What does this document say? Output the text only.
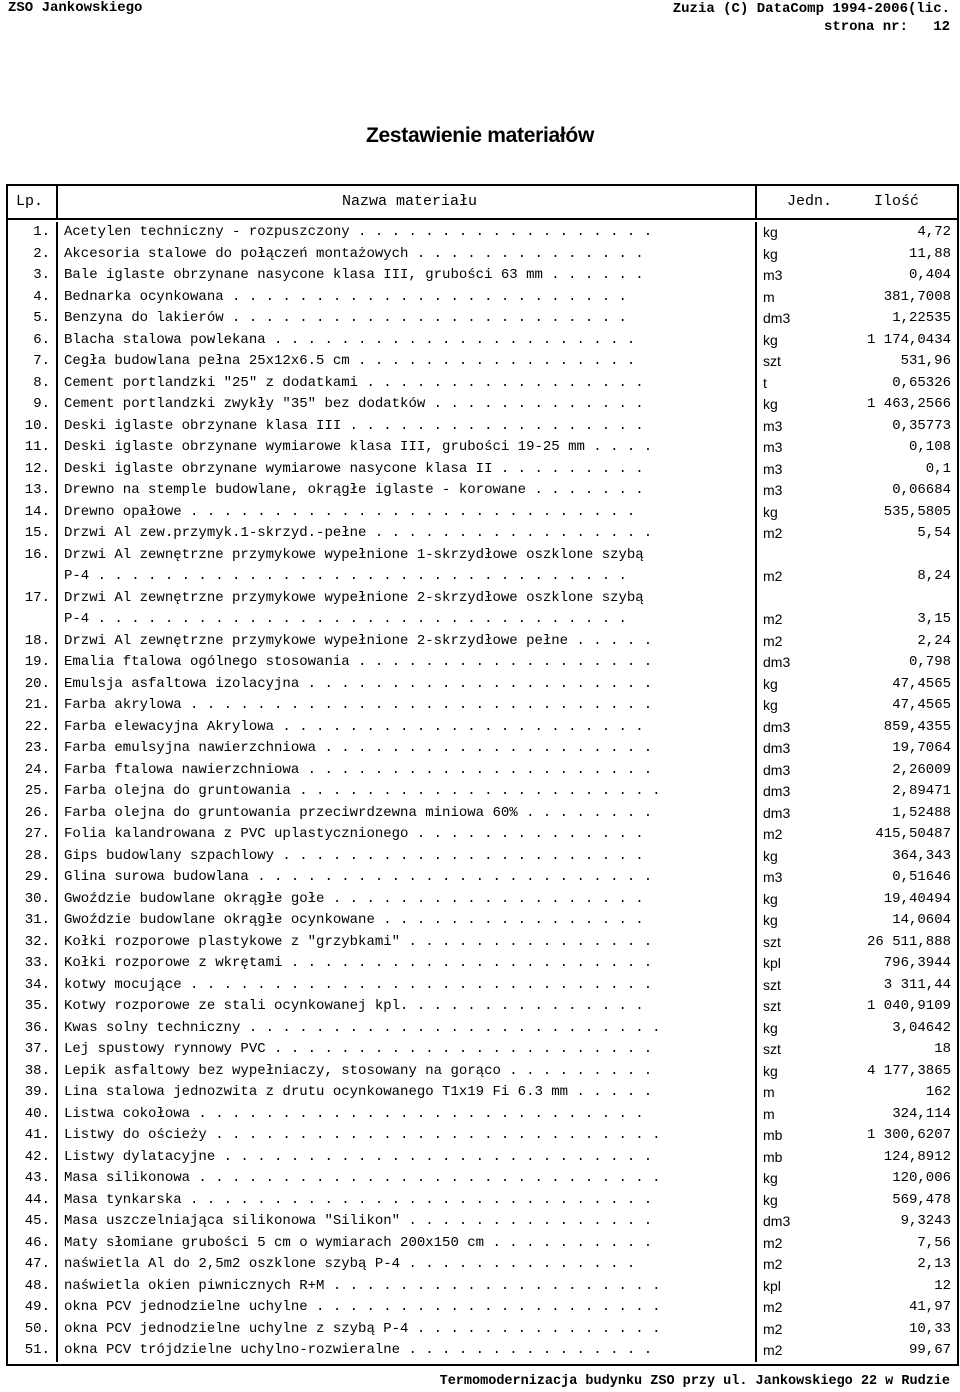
ZSO Jankowskiego	Zuzia (C) DataComp 1994-2006(lic.
strona nr: 12
Zestawienie materiałów
Lp.	Nazwa materiału	Jedn.	Ilość
1.	Acetylen techniczny - rozpuszczony . . . . . . . . . . . . . . . . . .	kg	4,72
2.	Akcesoria stalowe do połączeń montażowych . . . . . . . . . . . . . .	kg	11,88
3.	Bale iglaste obrzynane nasycone klasa III, grubości 63 mm . . . . . .	m3	0,404
4.	Bednarka ocynkowana . . . . . . . . . . . . . . . . . . . . . . . .	m	381,7008
5.	Benzyna do lakierów . . . . . . . . . . . . . . . . . . . . . . . .	dm3	1,22535
6.	Blacha stalowa powlekana . . . . . . . . . . . . . . . . . . . . . .	kg	1 174,0434
7.	Cegła budowlana pełna 25x12x6.5 cm . . . . . . . . . . . . . . . . .	szt	531,96
8.	Cement portlandzki "25" z dodatkami . . . . . . . . . . . . . . . . .	t	0,65326
9.	Cement portlandzki zwykły "35" bez dodatków . . . . . . . . . . . . .	kg	1 463,2566
10.	Deski iglaste obrzynane klasa III . . . . . . . . . . . . . . . . . .	m3	0,35773
11.	Deski iglaste obrzynane wymiarowe klasa III, grubości 19-25 mm . . . .	m3	0,108
12.	Deski iglaste obrzynane wymiarowe nasycone klasa II . . . . . . . . .	m3	0,1
13.	Drewno na stemple budowlane, okrągłe iglaste - korowane . . . . . . .	m3	0,06684
14.	Drewno opałowe . . . . . . . . . . . . . . . . . . . . . . . . . . .	kg	535,5805
15.	Drzwi Al zew.przymyk.1-skrzyd.-pełne . . . . . . . . . . . . . . . . .	m2	5,54
16.	Drzwi Al zewnętrzne przymykowe wypełnione 1-skrzydłowe oszklone szybą
P-4 . . . . . . . . . . . . . . . . . . . . . . . . . . . . . . . .	m2	8,24
17.	Drzwi Al zewnętrzne przymykowe wypełnione 2-skrzydłowe oszklone szybą
P-4 . . . . . . . . . . . . . . . . . . . . . . . . . . . . . . . .	m2	3,15
18.	Drzwi Al zewnętrzne przymykowe wypełnione 2-skrzydłowe pełne . . . . .	m2	2,24
19.	Emalia ftalowa ogólnego stosowania . . . . . . . . . . . . . . . . . .	dm3	0,798
20.	Emulsja asfaltowa izolacyjna . . . . . . . . . . . . . . . . . . . . .	kg	47,4565
21.	Farba akrylowa . . . . . . . . . . . . . . . . . . . . . . . . . . . .	kg	47,4565
22.	Farba elewacyjna Akrylowa . . . . . . . . . . . . . . . . . . . . . .	dm3	859,4355
23.	Farba emulsyjna nawierzchniowa . . . . . . . . . . . . . . . . . . . .	dm3	19,7064
24.	Farba ftalowa nawierzchniowa . . . . . . . . . . . . . . . . . . . . .	dm3	2,26009
25.	Farba olejna do gruntowania . . . . . . . . . . . . . . . . . . . . . .	dm3	2,89471
26.	Farba olejna do gruntowania przeciwrdzewna miniowa 60% . . . . . . . .	dm3	1,52488
27.	Folia kalandrowana z PVC uplastycznionego . . . . . . . . . . . . . .	m2	415,50487
28.	Gips budowlany szpachlowy . . . . . . . . . . . . . . . . . . . . . .	kg	364,343
29.	Glina surowa budowlana . . . . . . . . . . . . . . . . . . . . . . . .	m3	0,51646
30.	Gwoździe budowlane okrągłe gołe . . . . . . . . . . . . . . . . . . .	kg	19,40494
31.	Gwoździe budowlane okrągłe ocynkowane . . . . . . . . . . . . . . . .	kg	14,0604
32.	Kołki rozporowe plastykowe z "grzybkami" . . . . . . . . . . . . . . .	szt	26 511,888
33.	Kołki rozporowe z wkrętami . . . . . . . . . . . . . . . . . . . . . .	kpl	796,3944
34.	kotwy mocujące . . . . . . . . . . . . . . . . . . . . . . . . . . . .	szt	3 311,44
35.	Kotwy rozporowe ze stali ocynkowanej kpl. . . . . . . . . . . . . . .	szt	1 040,9109
36.	Kwas solny techniczny . . . . . . . . . . . . . . . . . . . . . . . . .	kg	3,04642
37.	Lej spustowy rynnowy PVC . . . . . . . . . . . . . . . . . . . . . . .	szt	18
38.	Lepik asfaltowy bez wypełniaczy, stosowany na gorąco . . . . . . . . .	kg	4 177,3865
39.	Lina stalowa jednozwita z drutu ocynkowanego T1x19 Fi 6.3 mm . . . . .	m	162
40.	Listwa cokołowa . . . . . . . . . . . . . . . . . . . . . . . . . . .	m	324,114
41.	Listwy do ościeży . . . . . . . . . . . . . . . . . . . . . . . . . . .	mb	1 300,6207
42.	Listwy dylatacyjne . . . . . . . . . . . . . . . . . . . . . . . . . .	mb	124,8912
43.	Masa silikonowa . . . . . . . . . . . . . . . . . . . . . . . . . . . .	kg	120,006
44.	Masa tynkarska . . . . . . . . . . . . . . . . . . . . . . . . . . . .	kg	569,478
45.	Masa uszczelniająca silikonowa "Silikon" . . . . . . . . . . . . . . .	dm3	9,3243
46.	Maty słomiane grubości 5 cm o wymiarach 200x150 cm . . . . . . . . . .	m2	7,56
47.	naświetla Al do 2,5m2 oszklone szybą P-4 . . . . . . . . . . . . . .	m2	2,13
48.	naświetla okien piwnicznych R+M . . . . . . . . . . . . . . . . . . . .	kpl	12
49.	okna PCV jednodzielne uchylne . . . . . . . . . . . . . . . . . . . . .	m2	41,97
50.	okna PCV jednodzielne uchylne z szybą P-4 . . . . . . . . . . . . . . .	m2	10,33
51.	okna PCV trójdzielne uchylno-rozwieralne . . . . . . . . . . . . . . .	m2	99,67
Termomodernizacja budynku ZSO przy ul. Jankowskiego 22 w Rudzie
